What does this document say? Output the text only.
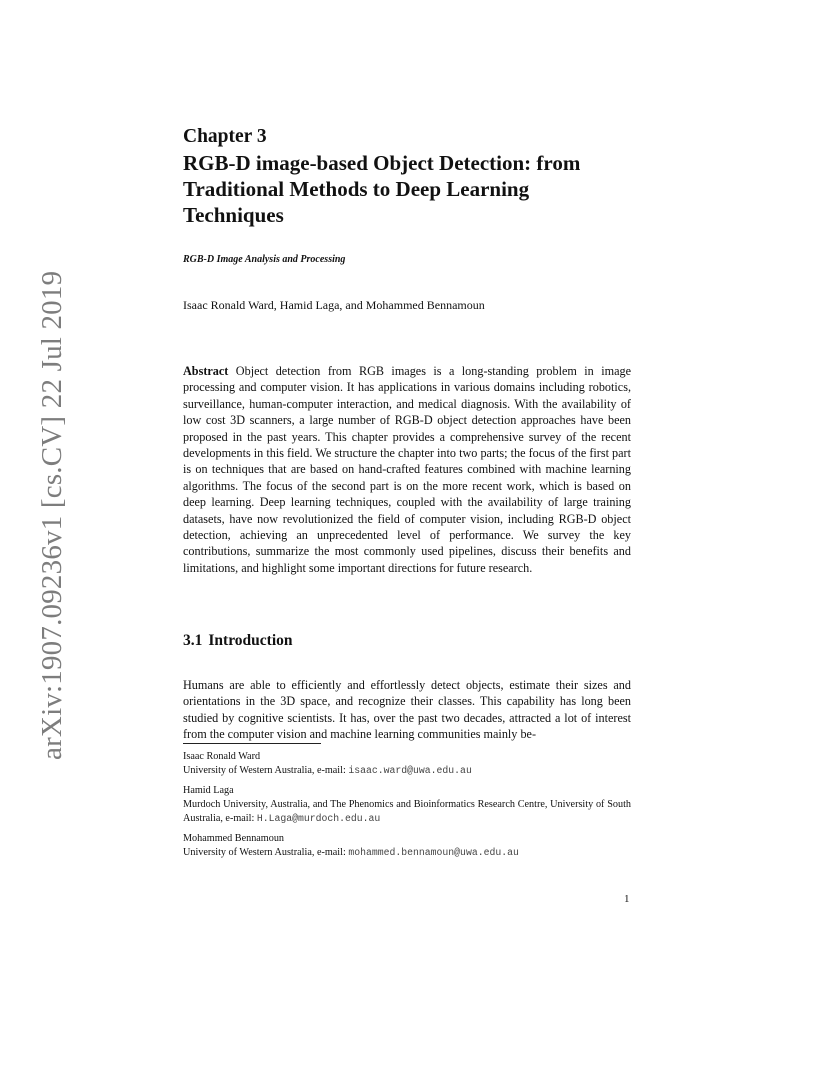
arXiv:1907.09236v1 [cs.CV] 22 Jul 2019
Chapter 3
RGB-D image-based Object Detection: from Traditional Methods to Deep Learning Techniques
RGB-D Image Analysis and Processing
Isaac Ronald Ward, Hamid Laga, and Mohammed Bennamoun

Abstract Object detection from RGB images is a long-standing problem in image processing and computer vision. It has applications in various domains including robotics, surveillance, human-computer interaction, and medical diagnosis. With the availability of low cost 3D scanners, a large number of RGB-D object detection approaches have been proposed in the past years. This chapter provides a comprehensive survey of the recent developments in this field. We structure the chapter into two parts; the focus of the first part is on techniques that are based on hand-crafted features combined with machine learning algorithms. The focus of the second part is on the more recent work, which is based on deep learning. Deep learning techniques, coupled with the availability of large training datasets, have now revolutionized the field of computer vision, including RGB-D object detection, achieving an unprecedented level of performance. We survey the key contributions, summarize the most commonly used pipelines, discuss their benefits and limitations, and highlight some important directions for future research.

3.1 Introduction

Humans are able to efficiently and effortlessly detect objects, estimate their sizes and orientations in the 3D space, and recognize their classes. This capability has long been studied by cognitive scientists. It has, over the past two decades, attracted a lot of interest from the computer vision and machine learning communities mainly be-

Isaac Ronald Ward
University of Western Australia, e-mail: isaac.ward@uwa.edu.au
Hamid Laga
Murdoch University, Australia, and The Phenomics and Bioinformatics Research Centre, University of South Australia, e-mail: H.Laga@murdoch.edu.au
Mohammed Bennamoun
University of Western Australia, e-mail: mohammed.bennamoun@uwa.edu.au
1
